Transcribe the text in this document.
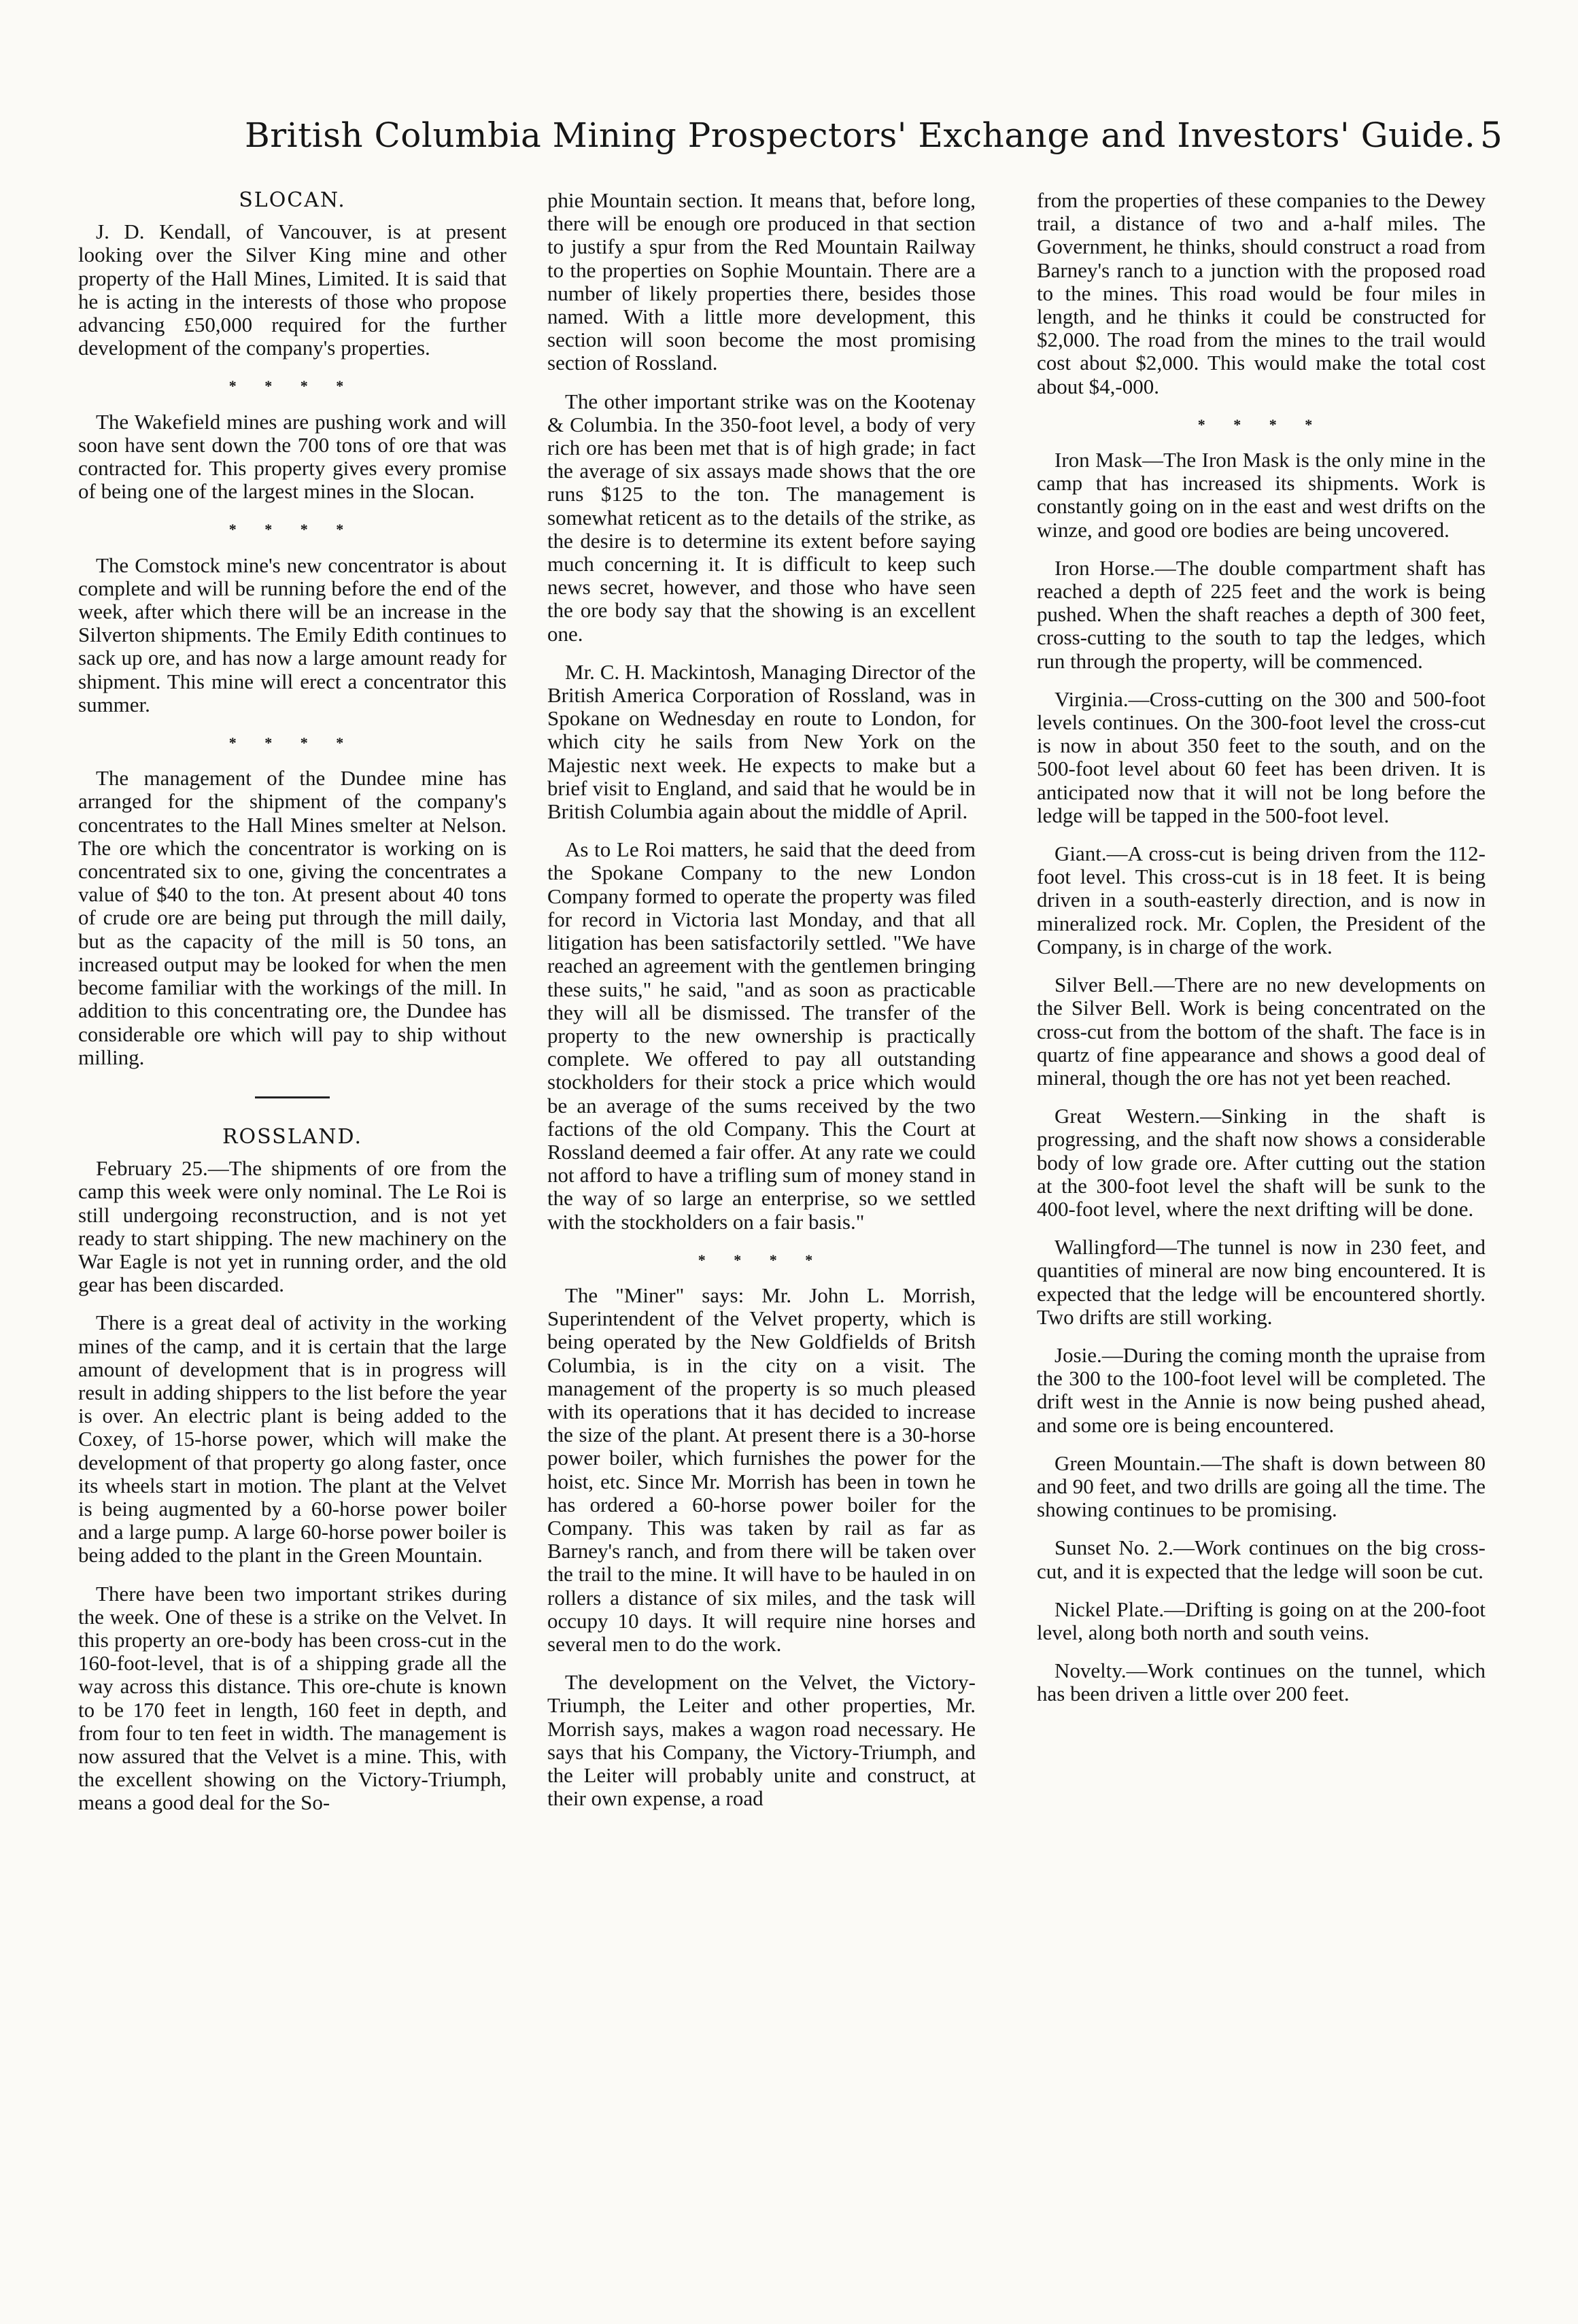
British Columbia Mining Prospectors' Exchange and Investors' Guide. 5
SLOCAN.

J. D. Kendall, of Vancouver, is at present looking over the Silver King mine and other property of the Hall Mines, Limited. It is said that he is acting in the interests of those who propose advancing £50,000 required for the further development of the company's properties.

* * * *

The Wakefield mines are pushing work and will soon have sent down the 700 tons of ore that was contracted for. This property gives every promise of being one of the largest mines in the Slocan.

* * * *

The Comstock mine's new concentrator is about complete and will be running before the end of the week, after which there will be an increase in the Silverton shipments. The Emily Edith continues to sack up ore, and has now a large amount ready for shipment. This mine will erect a concentrator this summer.

* * * *

The management of the Dundee mine has arranged for the shipment of the company's concentrates to the Hall Mines smelter at Nelson. The ore which the concentrator is working on is concentrated six to one, giving the concentrates a value of $40 to the ton. At present about 40 tons of crude ore are being put through the mill daily, but as the capacity of the mill is 50 tons, an increased output may be looked for when the men become familiar with the workings of the mill. In addition to this concentrating ore, the Dundee has considerable ore which will pay to ship without milling.

ROSSLAND.

February 25.—The shipments of ore from the camp this week were only nominal. The Le Roi is still undergoing reconstruction, and is not yet ready to start shipping. The new machinery on the War Eagle is not yet in running order, and the old gear has been discarded.

There is a great deal of activity in the working mines of the camp, and it is certain that the large amount of development that is in progress will result in adding shippers to the list before the year is over. An electric plant is being added to the Coxey, of 15-horse power, which will make the development of that property go along faster, once its wheels start in motion. The plant at the Velvet is being augmented by a 60-horse power boiler and a large pump. A large 60-horse power boiler is being added to the plant in the Green Mountain.

There have been two important strikes during the week. One of these is a strike on the Velvet. In this property an ore-body has been cross-cut in the 160-foot-level, that is of a shipping grade all the way across this distance. This ore-chute is known to be 170 feet in length, 160 feet in depth, and from four to ten feet in width. The management is now assured that the Velvet is a mine. This, with the excellent showing on the Victory-Triumph, means a good deal for the So-

phie Mountain section. It means that, before long, there will be enough ore produced in that section to justify a spur from the Red Mountain Railway to the properties on Sophie Mountain. There are a number of likely properties there, besides those named. With a little more development, this section will soon become the most promising section of Rossland.

The other important strike was on the Kootenay & Columbia. In the 350-foot level, a body of very rich ore has been met that is of high grade; in fact the average of six assays made shows that the ore runs $125 to the ton. The management is somewhat reticent as to the details of the strike, as the desire is to determine its extent before saying much concerning it. It is difficult to keep such news secret, however, and those who have seen the ore body say that the showing is an excellent one.

Mr. C. H. Mackintosh, Managing Director of the British America Corporation of Rossland, was in Spokane on Wednesday en route to London, for which city he sails from New York on the Majestic next week. He expects to make but a brief visit to England, and said that he would be in British Columbia again about the middle of April.

As to Le Roi matters, he said that the deed from the Spokane Company to the new London Company formed to operate the property was filed for record in Victoria last Monday, and that all litigation has been satisfactorily settled. "We have reached an agreement with the gentlemen bringing these suits," he said, "and as soon as practicable they will all be dismissed. The transfer of the property to the new ownership is practically complete. We offered to pay all outstanding stockholders for their stock a price which would be an average of the sums received by the two factions of the old Company. This the Court at Rossland deemed a fair offer. At any rate we could not afford to have a trifling sum of money stand in the way of so large an enterprise, so we settled with the stockholders on a fair basis."

* * * *

The "Miner" says: Mr. John L. Morrish, Superintendent of the Velvet property, which is being operated by the New Goldfields of Britsh Columbia, is in the city on a visit. The management of the property is so much pleased with its operations that it has decided to increase the size of the plant. At present there is a 30-horse power boiler, which furnishes the power for the hoist, etc. Since Mr. Morrish has been in town he has ordered a 60-horse power boiler for the Company. This was taken by rail as far as Barney's ranch, and from there will be taken over the trail to the mine. It will have to be hauled in on rollers a distance of six miles, and the task will occupy 10 days. It will require nine horses and several men to do the work.

The development on the Velvet, the Victory-Triumph, the Leiter and other properties, Mr. Morrish says, makes a wagon road necessary. He says that his Company, the Victory-Triumph, and the Leiter will probably unite and construct, at their own expense, a road

from the properties of these companies to the Dewey trail, a distance of two and a-half miles. The Government, he thinks, should construct a road from Barney's ranch to a junction with the proposed road to the mines. This road would be four miles in length, and he thinks it could be constructed for $2,000. The road from the mines to the trail would cost about $2,000. This would make the total cost about $4,-000.

* * * *

Iron Mask—The Iron Mask is the only mine in the camp that has increased its shipments. Work is constantly going on in the east and west drifts on the winze, and good ore bodies are being uncovered.

Iron Horse.—The double compartment shaft has reached a depth of 225 feet and the work is being pushed. When the shaft reaches a depth of 300 feet, cross-cutting to the south to tap the ledges, which run through the property, will be commenced.

Virginia.—Cross-cutting on the 300 and 500-foot levels continues. On the 300-foot level the cross-cut is now in about 350 feet to the south, and on the 500-foot level about 60 feet has been driven. It is anticipated now that it will not be long before the ledge will be tapped in the 500-foot level.

Giant.—A cross-cut is being driven from the 112-foot level. This cross-cut is in 18 feet. It is being driven in a south-easterly direction, and is now in mineralized rock. Mr. Coplen, the President of the Company, is in charge of the work.

Silver Bell.—There are no new developments on the Silver Bell. Work is being concentrated on the cross-cut from the bottom of the shaft. The face is in quartz of fine appearance and shows a good deal of mineral, though the ore has not yet been reached.

Great Western.—Sinking in the shaft is progressing, and the shaft now shows a considerable body of low grade ore. After cutting out the station at the 300-foot level the shaft will be sunk to the 400-foot level, where the next drifting will be done.

Wallingford—The tunnel is now in 230 feet, and quantities of mineral are now bing encountered. It is expected that the ledge will be encountered shortly. Two drifts are still working.

Josie.—During the coming month the upraise from the 300 to the 100-foot level will be completed. The drift west in the Annie is now being pushed ahead, and some ore is being encountered.

Green Mountain.—The shaft is down between 80 and 90 feet, and two drills are going all the time. The showing continues to be promising.

Sunset No. 2.—Work continues on the big cross-cut, and it is expected that the ledge will soon be cut.

Nickel Plate.—Drifting is going on at the 200-foot level, along both north and south veins.

Novelty.—Work continues on the tunnel, which has been driven a little over 200 feet.
